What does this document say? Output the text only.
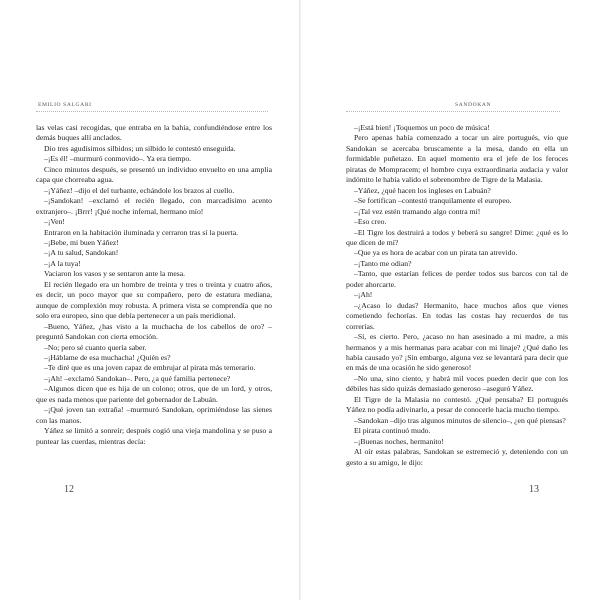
EMILIO SALGARI

las velas casi recogidas, que entraba en la bahía, confundiéndose entre los demás buques allí anclados.

Dio tres agudísimos silbidos; un silbido le contestó enseguida.

–¡Es él! –murmuró conmovido–. Ya era tiempo.

Cinco minutos después, se presentó un individuo envuelto en una amplia capa que chorreaba agua.

–¡Yáñez! –dijo el del turbante, echándole los brazos al cuello.

–¡Sandokan! –exclamó el recién llegado, con marcadísimo acento extranjero–. ¡Brrr! ¡Qué noche infernal, hermano mío!

–¡Ven!

Entraron en la habitación iluminada y cerraron tras sí la puerta.

–¡Bebe, mi buen Yáñez!

–¡A tu salud, Sandokan!

–¡A la tuya!

Vaciaron los vasos y se sentaron ante la mesa.

El recién llegado era un hombre de treinta y tres o treinta y cuatro años, es decir, un poco mayor que su compañero, pero de estatura mediana, aunque de complexión muy robusta. A primera vista se comprendía que no solo era europeo, sino que debía pertenecer a un país meridional.

–Bueno, Yáñez, ¿has visto a la muchacha de los cabellos de oro? –preguntó Sandokan con cierta emoción.

–No; pero sé cuanto quería saber.

–¡Háblame de esa muchacha! ¿Quién es?

–Te diré que es una joven capaz de embrujar al pirata más temerario.

–¡Ah! –exclamó Sandokan–. Pero, ¿a qué familia pertenece?

–Algunos dicen que es hija de un colono; otros, que de un lord, y otros, que es nada menos que pariente del gobernador de Labuán.

–¡Qué joven tan extraña! –murmuró Sandokan, oprimiéndose las sienes con las manos.

Yáñez se limitó a sonreír; después cogió una vieja mandolina y se puso a puntear las cuerdas, mientras decía:

12
SANDOKAN

–¡Está bien! ¡Toquemos un poco de música!

Pero apenas había comenzado a tocar un aire portugués, vio que Sandokan se acercaba bruscamente a la mesa, dando en ella un formidable puñetazo. En aquel momento era el jefe de los feroces piratas de Mompracem; el hombre cuya extraordinaria audacia y valor indómito le había valido el sobrenombre de Tigre de la Malasia.

–Yáñez, ¿qué hacen los ingleses en Labuán?

–Se fortifican –contestó tranquilamente el europeo.

–¡Tal vez estén tramando algo contra mí!

–Eso creo.

–El Tigre los destruirá a todos y beberá su sangre! Dime: ¿qué es lo que dicen de mí?

–Que ya es hora de acabar con un pirata tan atrevido.

–¡Tanto me odian?

–Tanto, que estarían felices de perder todos sus barcos con tal de poder ahorcarte.

–¡Ah!

–¿Acaso lo dudas? Hermanito, hace muchos años que vienes cometiendo fechorías. En todas las costas hay recuerdos de tus correrías.

–Sí, es cierto. Pero, ¿acaso no han asesinado a mi madre, a mis hermanos y a mis hermanas para acabar con mi linaje? ¿Qué daño les había causado yo? ¡Sin embargo, alguna vez se levantará para decir que en más de una ocasión he sido generoso!

–No una, sino ciento, y habrá mil voces pueden decir que con los débiles has sido quizás demasiado generoso –aseguró Yáñez.

El Tigre de la Malasia no contestó. ¿Qué pensaba? El portugués Yáñez no podía adivinarlo, a pesar de conocerle hacía mucho tiempo.

–Sandokan –dijo tras algunos minutos de silencio–, ¿en qué piensas?

El pirata continuó mudo.

–¡Buenas noches, hermanito!

Al oír estas palabras, Sandokan se estremeció y, deteniendo con un gesto a su amigo, le dijo:

13
